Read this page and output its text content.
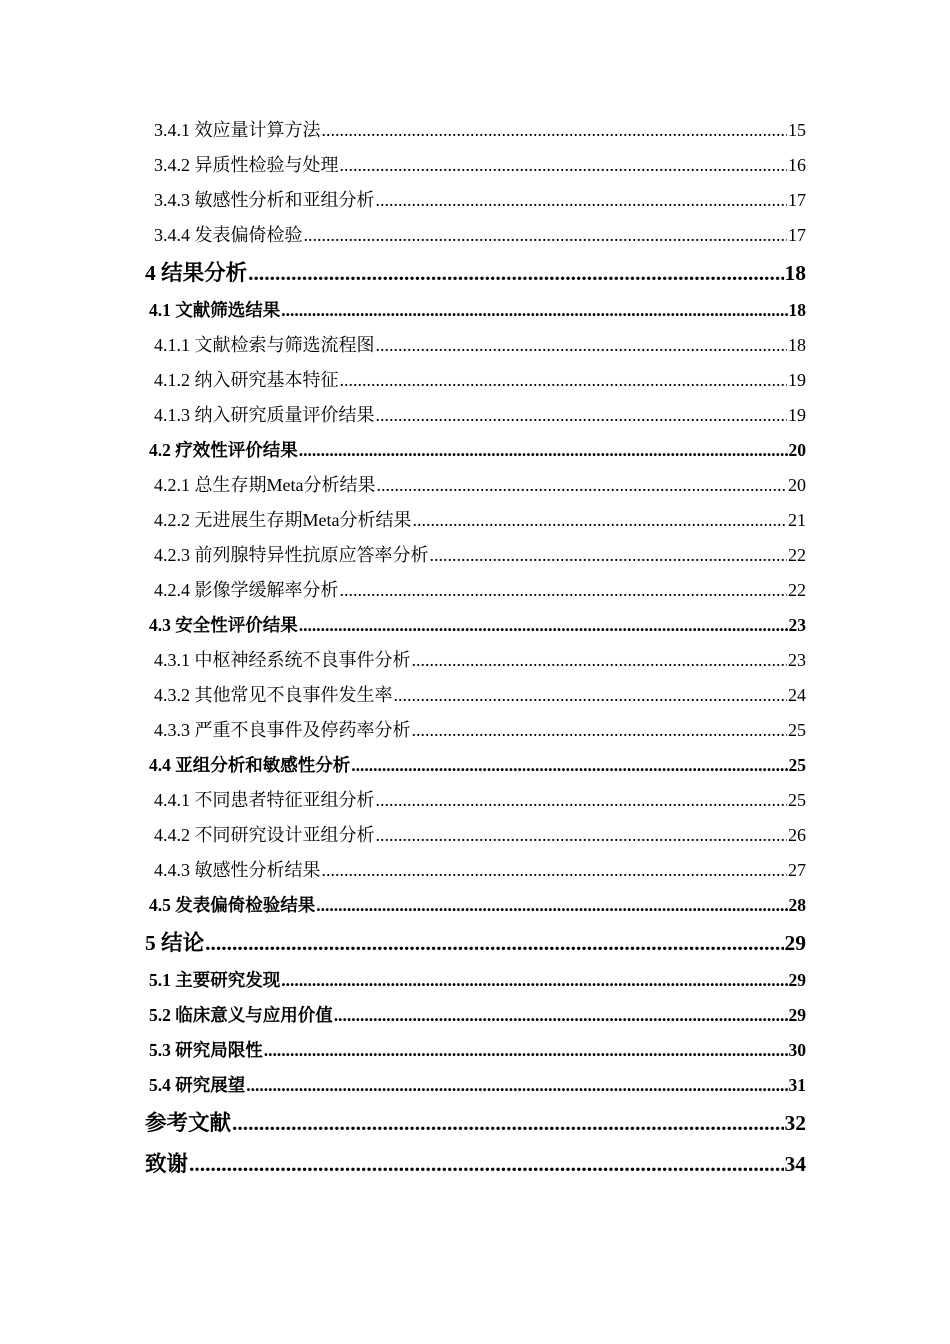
3.4.1 效应量计算方法 .....	15
3.4.2 异质性检验与处理 .....	16
3.4.3 敏感性分析和亚组分析 .....	17
3.4.4 发表偏倚检验 .....	17
4 结果分析 .....	18
4.1 文献筛选结果 .....	18
4.1.1 文献检索与筛选流程图 .....	18
4.1.2 纳入研究基本特征 .....	19
4.1.3 纳入研究质量评价结果 .....	19
4.2 疗效性评价结果 .....	20
4.2.1 总生存期Meta分析结果 .....	20
4.2.2 无进展生存期Meta分析结果 .....	21
4.2.3 前列腺特异性抗原应答率分析 .....	22
4.2.4 影像学缓解率分析 .....	22
4.3 安全性评价结果 .....	23
4.3.1 中枢神经系统不良事件分析 .....	23
4.3.2 其他常见不良事件发生率 .....	24
4.3.3 严重不良事件及停药率分析 .....	25
4.4 亚组分析和敏感性分析 .....	25
4.4.1 不同患者特征亚组分析 .....	25
4.4.2 不同研究设计亚组分析 .....	26
4.4.3 敏感性分析结果 .....	27
4.5 发表偏倚检验结果 .....	28
5 结论 .....	29
5.1 主要研究发现 .....	29
5.2 临床意义与应用价值 .....	29
5.3 研究局限性 .....	30
5.4 研究展望 .....	31
参考文献 .....	32
致谢 .....	34
